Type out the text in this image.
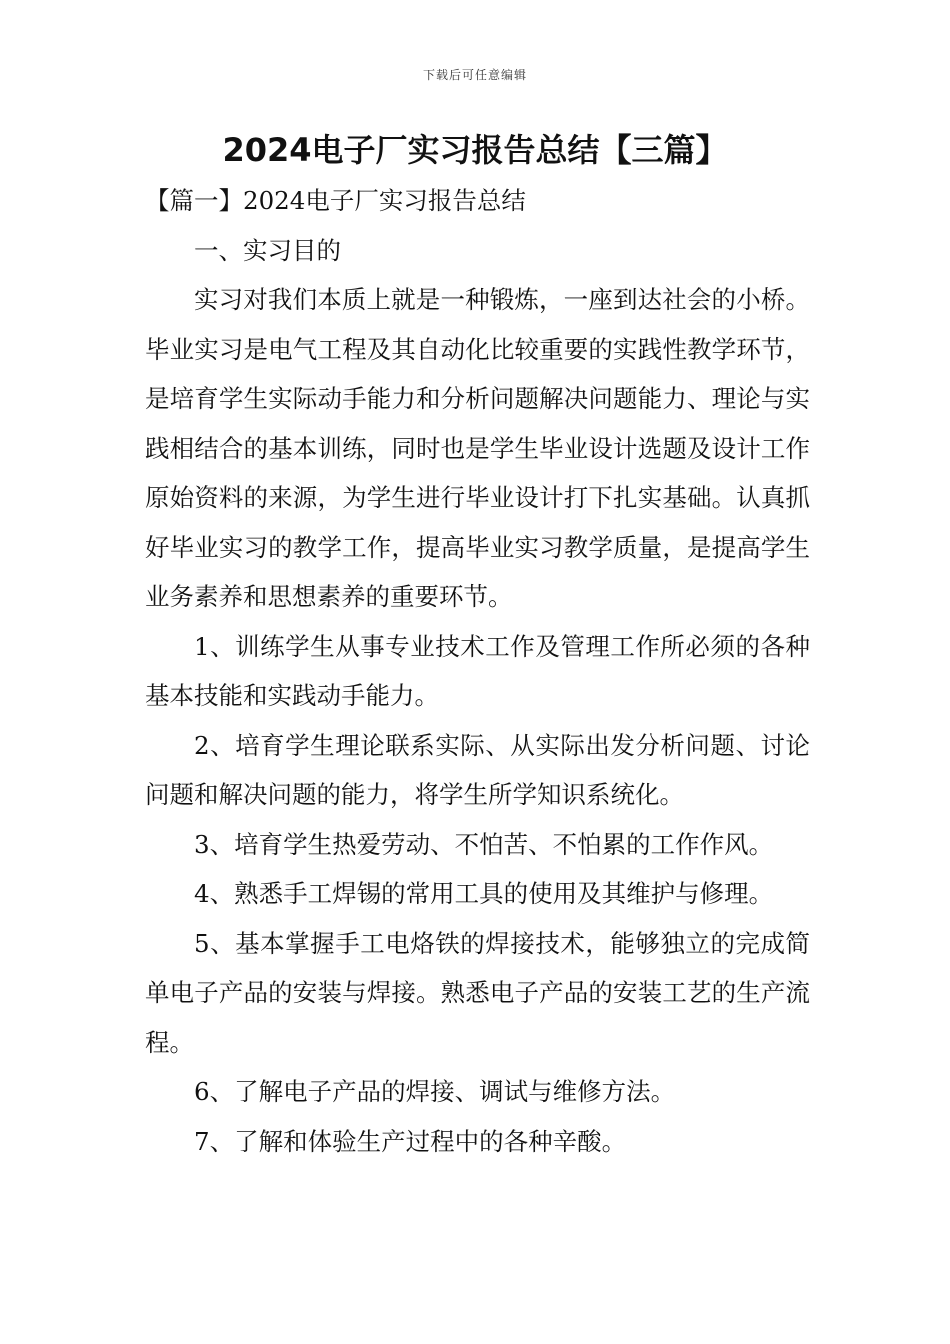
下载后可任意编辑
2024电子厂实习报告总结【三篇】

【篇一】2024电子厂实习报告总结

一、实习目的

实习对我们本质上就是一种锻炼，一座到达社会的小桥。毕业实习是电气工程及其自动化比较重要的实践性教学环节，是培育学生实际动手能力和分析问题解决问题能力、理论与实践相结合的基本训练，同时也是学生毕业设计选题及设计工作原始资料的来源，为学生进行毕业设计打下扎实基础。认真抓好毕业实习的教学工作，提高毕业实习教学质量，是提高学生业务素养和思想素养的重要环节。

1、训练学生从事专业技术工作及管理工作所必须的各种基本技能和实践动手能力。

2、培育学生理论联系实际、从实际出发分析问题、讨论问题和解决问题的能力，将学生所学知识系统化。

3、培育学生热爱劳动、不怕苦、不怕累的工作作风。

4、熟悉手工焊锡的常用工具的使用及其维护与修理。

5、基本掌握手工电烙铁的焊接技术，能够独立的完成简单电子产品的安装与焊接。熟悉电子产品的安装工艺的生产流程。

6、了解电子产品的焊接、调试与维修方法。

7、了解和体验生产过程中的各种辛酸。
